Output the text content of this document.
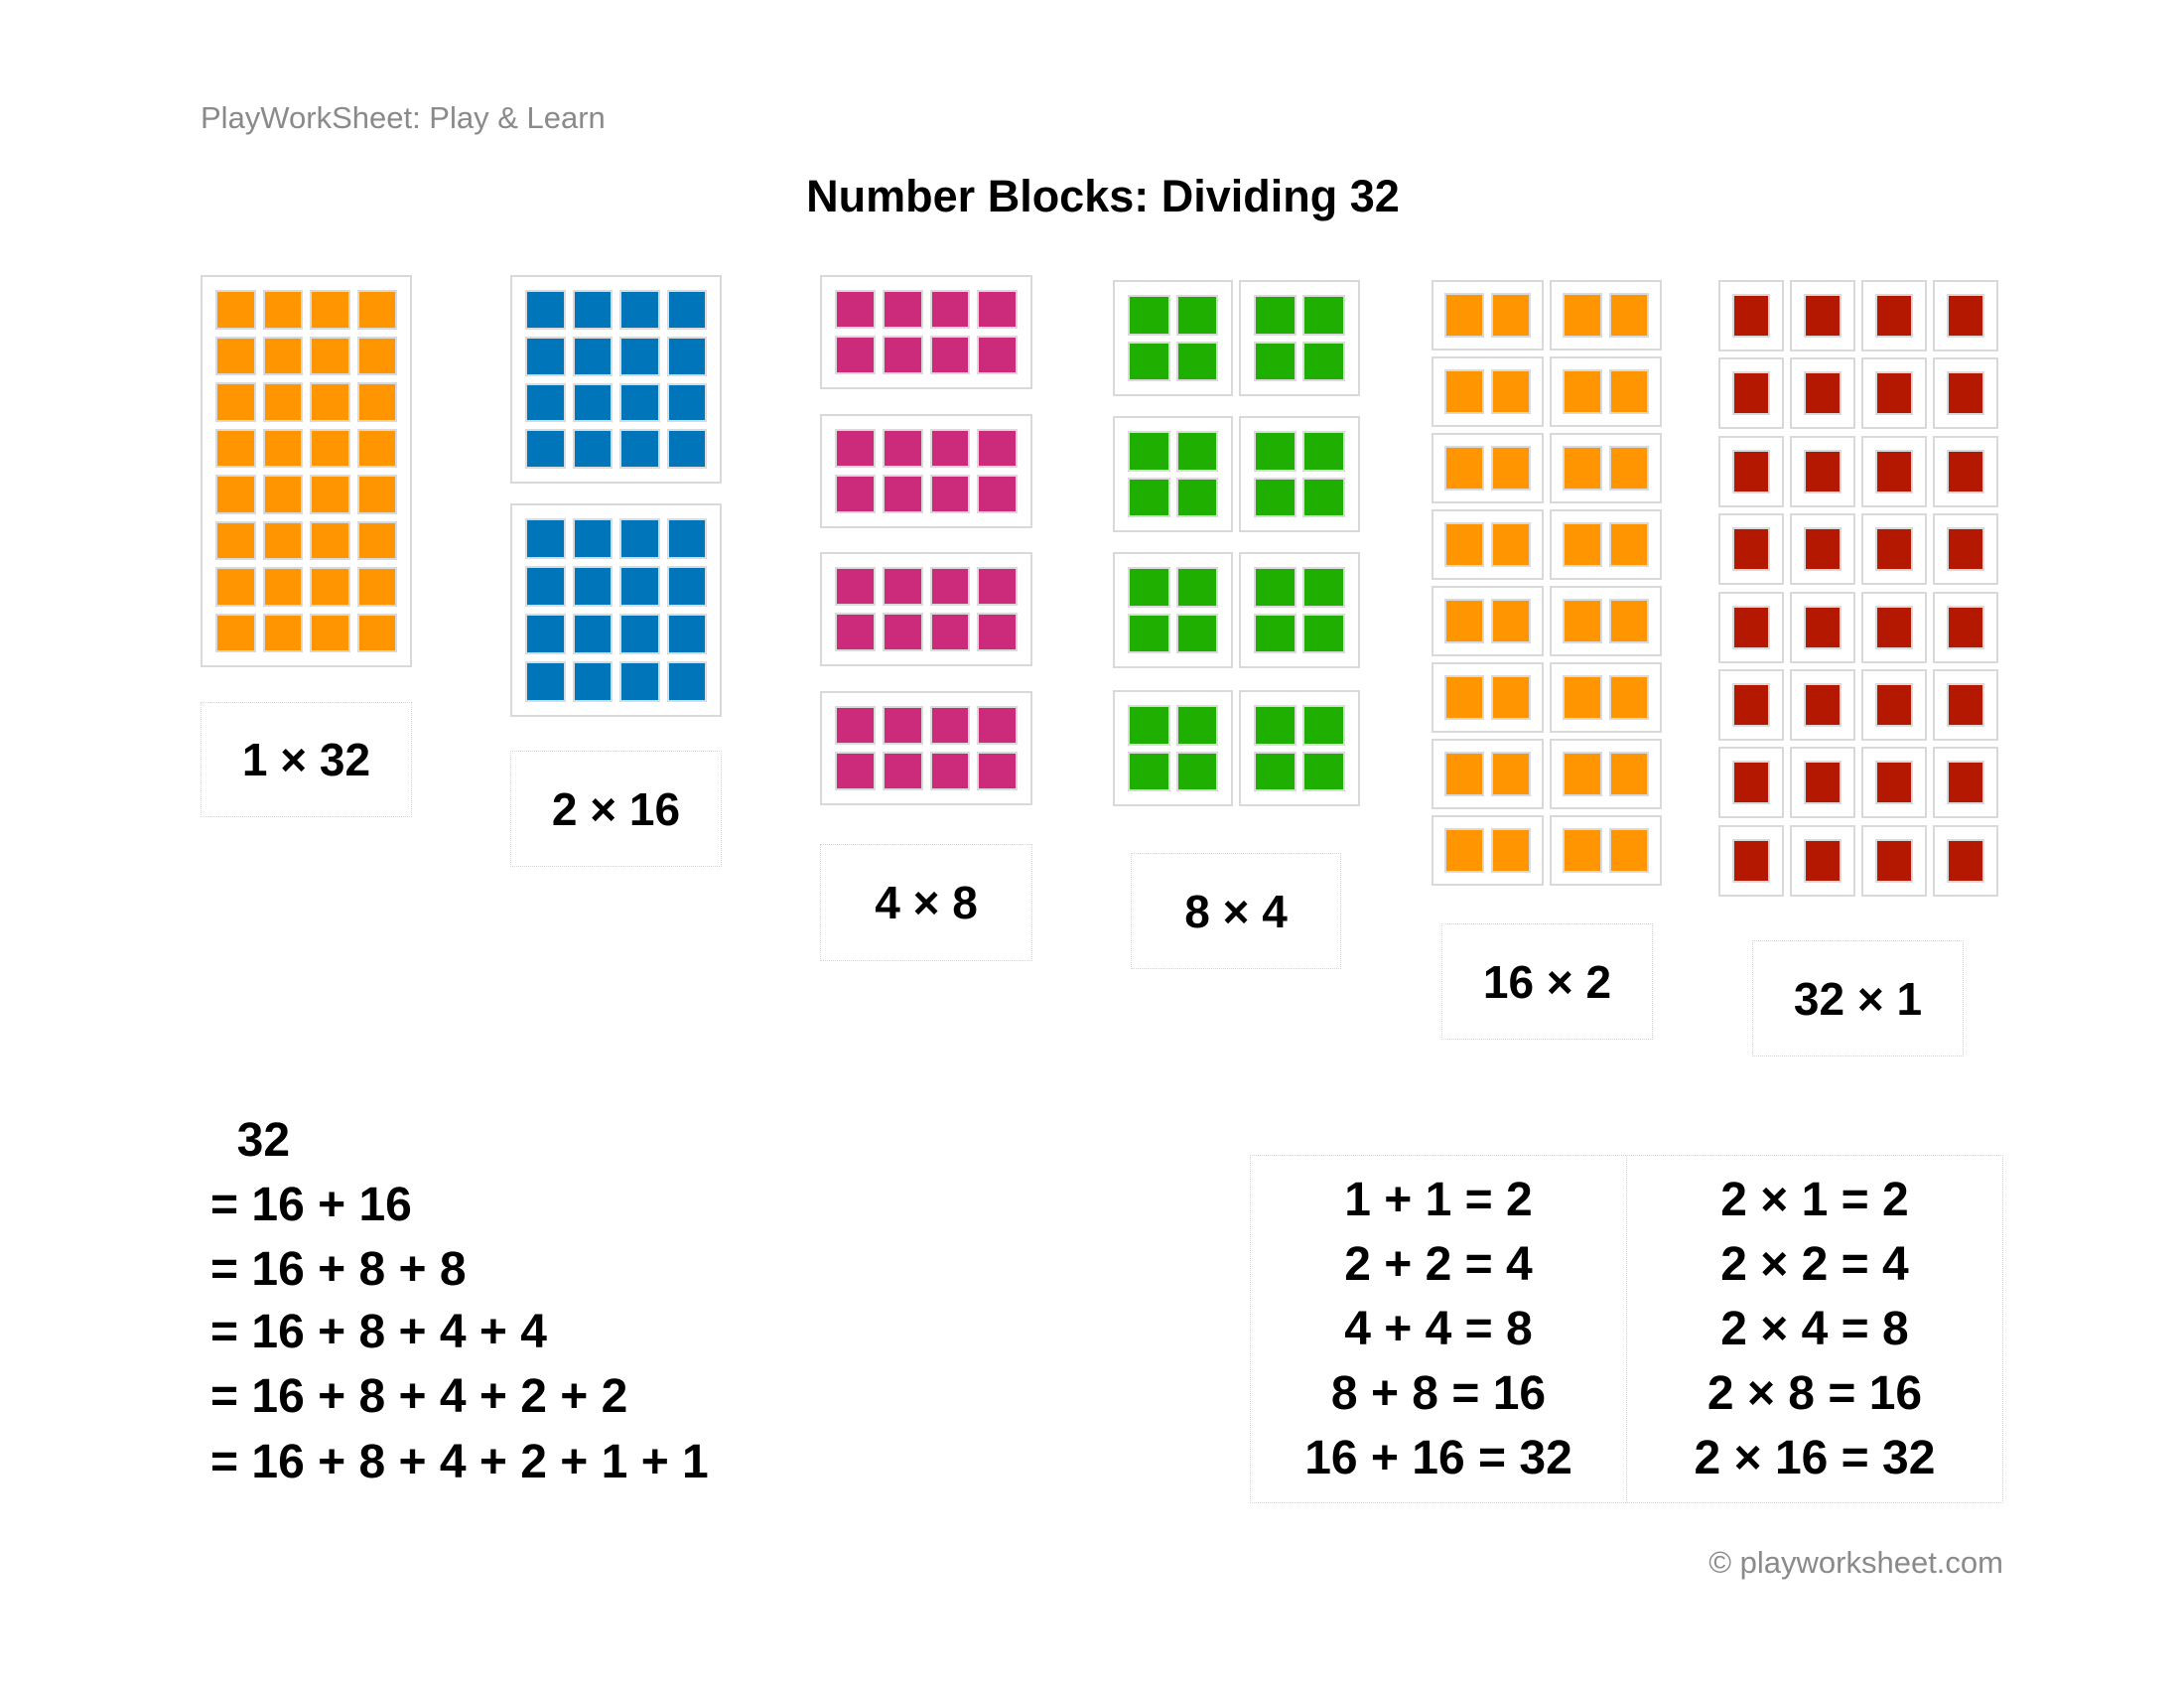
PlayWorkSheet: Play & Learn
Number Blocks: Dividing 32
1 × 32
2 × 16
4 × 8	8 × 4
16 × 2	32 × 1
32
= 16 + 16
= 16 + 8 + 8
= 16 + 8 + 4 + 4
= 16 + 8 + 4 + 2 + 2
= 16 + 8 + 4 + 2 + 1 + 1
1 + 1 = 2
2 + 2 = 4
4 + 4 = 8
8 + 8 = 16
16 + 16 = 32
2 × 1 = 2
2 × 2 = 4
2 × 4 = 8
2 × 8 = 16
2 × 16 = 32
© playworksheet.com
